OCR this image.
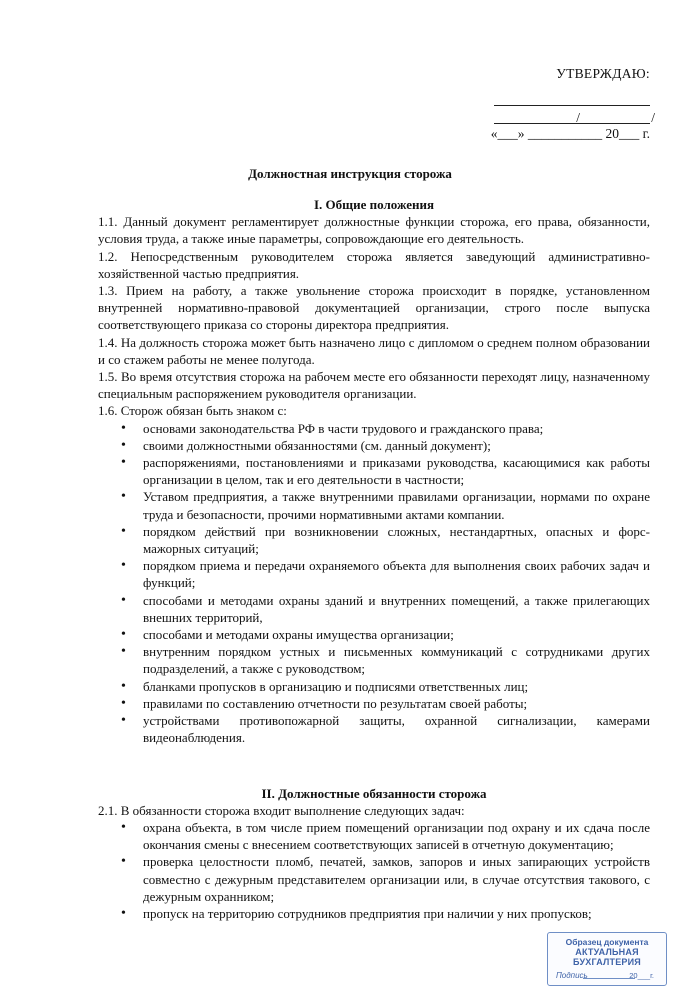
УТВЕРЖДАЮ:
/	/
«___» ___________ 20___ г.
Должностная инструкция сторожа

I. Общие положения

1.1. Данный документ регламентирует должностные функции сторожа, его права, обязанности, условия труда, а также иные параметры, сопровождающие его деятельность.

1.2. Непосредственным руководителем сторожа является заведующий административно-хозяйственной частью предприятия.

1.3. Прием на работу, а также увольнение сторожа происходит в порядке, установленном внутренней нормативно-правовой документацией организации, строго после выпуска соответствующего приказа со стороны директора предприятия.

1.4. На должность сторожа может быть назначено лицо с дипломом о среднем полном образовании и со стажем работы не менее полугода.

1.5. Во время отсутствия сторожа на рабочем месте его обязанности переходят лицу, назначенному специальным распоряжением руководителя организации.

1.6. Сторож обязан быть знаком с:

• основами законодательства РФ в части трудового и гражданского права;
• своими должностными обязанностями (см. данный документ);
• распоряжениями, постановлениями и приказами руководства, касающимися как работы организации в целом, так и его деятельности в частности;
• Уставом предприятия, а также внутренними правилами организации, нормами по охране труда и безопасности, прочими нормативными актами компании.
• порядком действий при возникновении сложных, нестандартных, опасных и форс-мажорных ситуаций;
• порядком приема и передачи охраняемого объекта для выполнения своих рабочих задач и функций;
• способами и методами охраны зданий и внутренних помещений, а также прилегающих внешних территорий,
• способами и методами охраны имущества организации;
• внутренним порядком устных и письменных коммуникаций с сотрудниками других подразделений, а также с руководством;
• бланками пропусков в организацию и подписями ответственных лиц;
• правилами по составлению отчетности по результатам своей работы;
• устройствами противопожарной защиты, охранной сигнализации, камерами видеонаблюдения.

II. Должностные обязанности сторожа

2.1. В обязанности сторожа входит выполнение следующих задач:

• охрана объекта, в том числе прием помещений организации под охрану и их сдача после окончания смены с внесением соответствующих записей в отчетную документацию;
• проверка целостности пломб, печатей, замков, запоров и иных запирающих устройств совместно с дежурным представителем организации или, в случае отсутствия такового, с дежурным охранником;
• пропуск на территорию сотрудников предприятия при наличии у них пропусков;
Образец документа
АКТУАЛЬНАЯ БУХГАЛТЕРИЯ
20___г.
Подпись
